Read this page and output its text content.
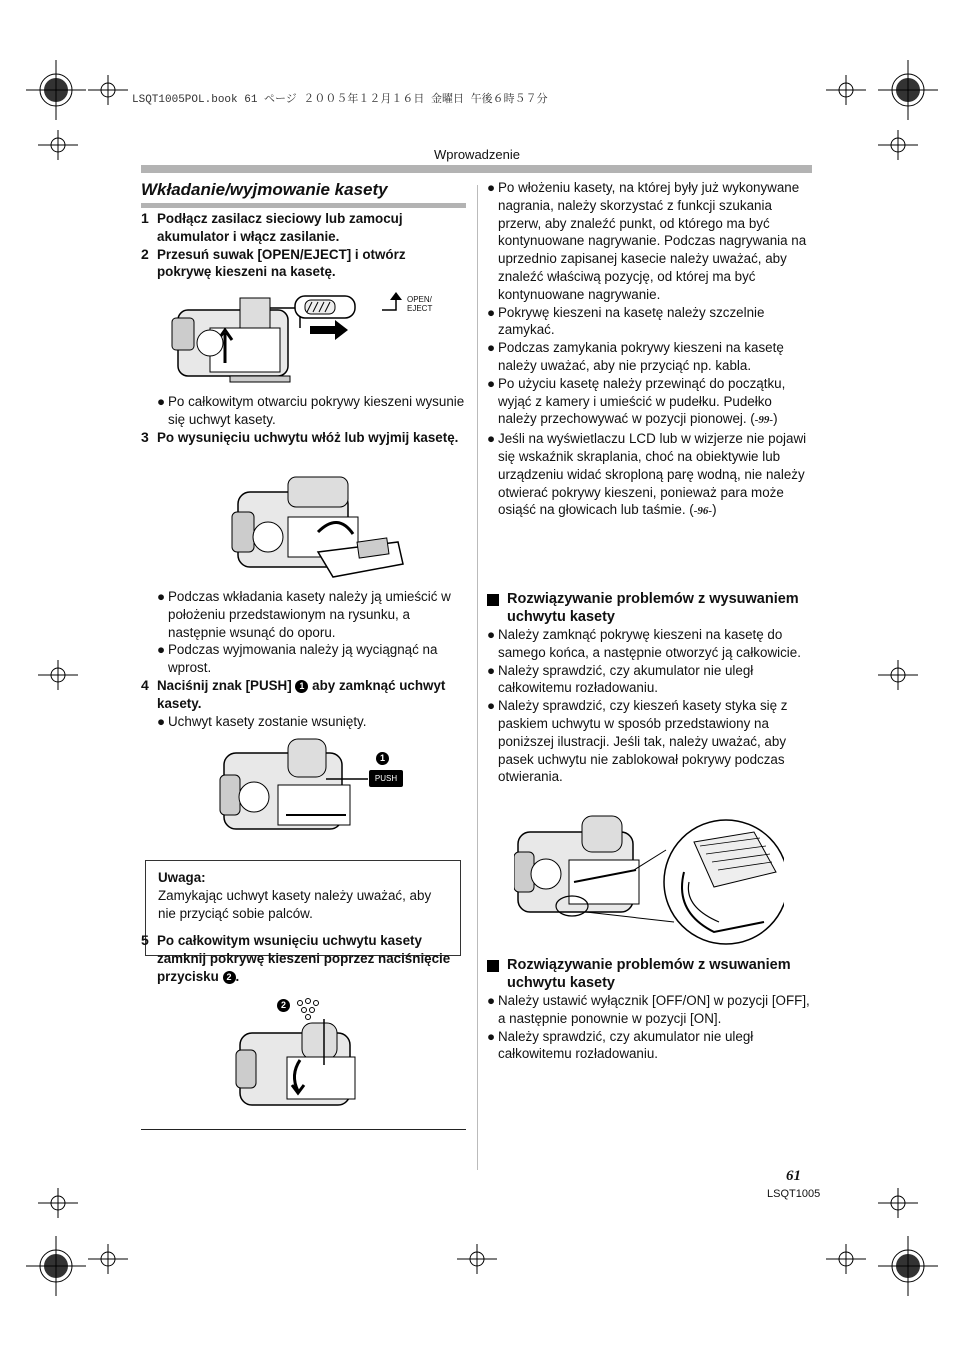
LSQT1005POL.book 61 ページ ２００５年１２月１６日 金曜日 午後６時５７分
Wprowadzenie
Wkładanie/wyjmowanie kasety
1 Podłącz zasilacz sieciowy lub zamocuj akumulator i włącz zasilanie.
2 Przesuń suwak [OPEN/EJECT] i otwórz pokrywę kieszeni na kasetę.
OPEN/
EJECT
● Po całkowitym otwarciu pokrywy kieszeni wysunie się uchwyt kasety.
3 Po wysunięciu uchwytu włóż lub wyjmij kasetę.
● Podczas wkładania kasety należy ją umieścić w położeniu przedstawionym na rysunku, a następnie wsunąć do oporu.
● Podczas wyjmowania należy ją wyciągnąć na wprost.
4 Naciśnij znak [PUSH] 1 aby zamknąć uchwyt kasety.
● Uchwyt kasety zostanie wsunięty.
1
PUSH
Uwaga:
Zamykając uchwyt kasety należy uważać, aby nie przyciąć sobie palców.
5 Po całkowitym wsunięciu uchwytu kasety zamknij pokrywę kieszeni poprzez naciśnięcie przycisku 2 .
2
● Po włożeniu kasety, na której były już wykonywane nagrania, należy skorzystać z funkcji szukania przerw, aby znaleźć punkt, od którego ma być kontynuowane nagrywanie. Podczas nagrywania na uprzednio zapisanej kasecie należy uważać, aby znaleźć właściwą pozycję, od której ma być kontynuowane nagrywanie.
● Pokrywę kieszeni na kasetę należy szczelnie zamykać.
● Podczas zamykania pokrywy kieszeni na kasetę należy uważać, aby nie przyciąć np. kabla.
● Po użyciu kasetę należy przewinąć do początku, wyjąć z kamery i umieścić w pudełku. Pudełko należy przechowywać w pozycji pionowej. (-99-)
● Jeśli na wyświetlaczu LCD lub w wizjerze nie pojawi się wskaźnik skraplania, choć na obiektywie lub urządzeniu widać skroploną parę wodną, nie należy otwierać pokrywy kieszeni, ponieważ para może osiąść na głowicach lub taśmie. (-96-)
Rozwiązywanie problemów z wysuwaniem uchwytu kasety
● Należy zamknąć pokrywę kieszeni na kasetę do samego końca, a następnie otworzyć ją całkowicie.
● Należy sprawdzić, czy akumulator nie uległ całkowitemu rozładowaniu.
● Należy sprawdzić, czy kieszeń kasety styka się z paskiem uchwytu w sposób przedstawiony na poniższej ilustracji. Jeśli tak, należy uważać, aby pasek uchwytu nie zablokował pokrywy podczas otwierania.
Rozwiązywanie problemów z wsuwaniem uchwytu kasety
● Należy ustawić wyłącznik [OFF/ON] w pozycji [OFF], a następnie ponownie w pozycji [ON].
● Należy sprawdzić, czy akumulator nie uległ całkowitemu rozładowaniu.
61
LSQT1005
